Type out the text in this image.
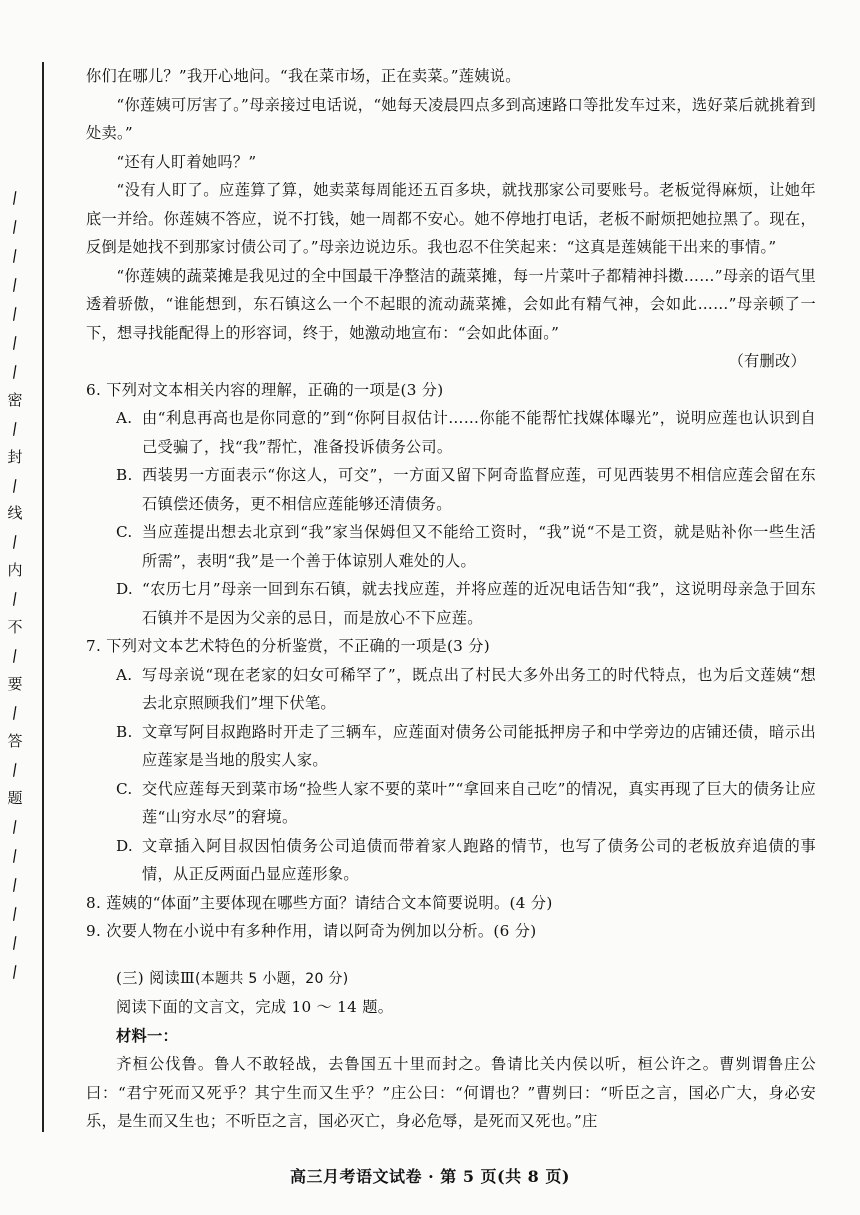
/
/
/
/
/
/
/
密
/
封
/
线
/
内
/
不
/
要
/
答
/
题
/
/
/
/
/
/

你们在哪儿？”我开心地问。“我在菜市场，正在卖菜。”莲姨说。

“你莲姨可厉害了。”母亲接过电话说，“她每天凌晨四点多到高速路口等批发车过来，选好菜后就挑着到处卖。”

“还有人盯着她吗？”

“没有人盯了。应莲算了算，她卖菜每周能还五百多块，就找那家公司要账号。老板觉得麻烦，让她年底一并给。你莲姨不答应，说不打钱，她一周都不安心。她不停地打电话，老板不耐烦把她拉黑了。现在，反倒是她找不到那家讨债公司了。”母亲边说边乐。我也忍不住笑起来：“这真是莲姨能干出来的事情。”

“你莲姨的蔬菜摊是我见过的全中国最干净整洁的蔬菜摊，每一片菜叶子都精神抖擞……”母亲的语气里透着骄傲，“谁能想到，东石镇这么一个不起眼的流动蔬菜摊，会如此有精气神，会如此……”母亲顿了一下，想寻找能配得上的形容词，终于，她激动地宣布：“会如此体面。”

（有删改）

6. 下列对文本相关内容的理解，正确的一项是(3 分)
A. 由“利息再高也是你同意的”到“你阿目叔估计……你能不能帮忙找媒体曝光”，说明应莲也认识到自己受骗了，找“我”帮忙，准备投诉债务公司。
B. 西装男一方面表示“你这人，可交”，一方面又留下阿奇监督应莲，可见西装男不相信应莲会留在东石镇偿还债务，更不相信应莲能够还清债务。
C. 当应莲提出想去北京到“我”家当保姆但又不能给工资时，“我”说“不是工资，就是贴补你一些生活所需”，表明“我”是一个善于体谅别人难处的人。
D. “农历七月”母亲一回到东石镇，就去找应莲，并将应莲的近况电话告知“我”，这说明母亲急于回东石镇并不是因为父亲的忌日，而是放心不下应莲。
7. 下列对文本艺术特色的分析鉴赏，不正确的一项是(3 分)
A. 写母亲说“现在老家的妇女可稀罕了”，既点出了村民大多外出务工的时代特点，也为后文莲姨“想去北京照顾我们”埋下伏笔。
B. 文章写阿目叔跑路时开走了三辆车，应莲面对债务公司能抵押房子和中学旁边的店铺还债，暗示出应莲家是当地的殷实人家。
C. 交代应莲每天到菜市场“捡些人家不要的菜叶”“拿回来自己吃”的情况，真实再现了巨大的债务让应莲“山穷水尽”的窘境。
D. 文章插入阿目叔因怕债务公司追债而带着家人跑路的情节，也写了债务公司的老板放弃追债的事情，从正反两面凸显应莲形象。
8. 莲姨的“体面”主要体现在哪些方面？请结合文本简要说明。(4 分)
9. 次要人物在小说中有多种作用，请以阿奇为例加以分析。(6 分)

(三) 阅读Ⅲ(本题共 5 小题，20 分)

阅读下面的文言文，完成 10 ～ 14 题。

材料一：

齐桓公伐鲁。鲁人不敢轻战，去鲁国五十里而封之。鲁请比关内侯以听，桓公许之。曹刿谓鲁庄公曰：“君宁死而又死乎？其宁生而又生乎？”庄公曰：“何谓也？”曹刿曰：“听臣之言，国必广大，身必安乐，是生而又生也；不听臣之言，国必灭亡，身必危辱，是死而又死也。”庄

高三月考语文试卷 · 第 5 页(共 8 页)
